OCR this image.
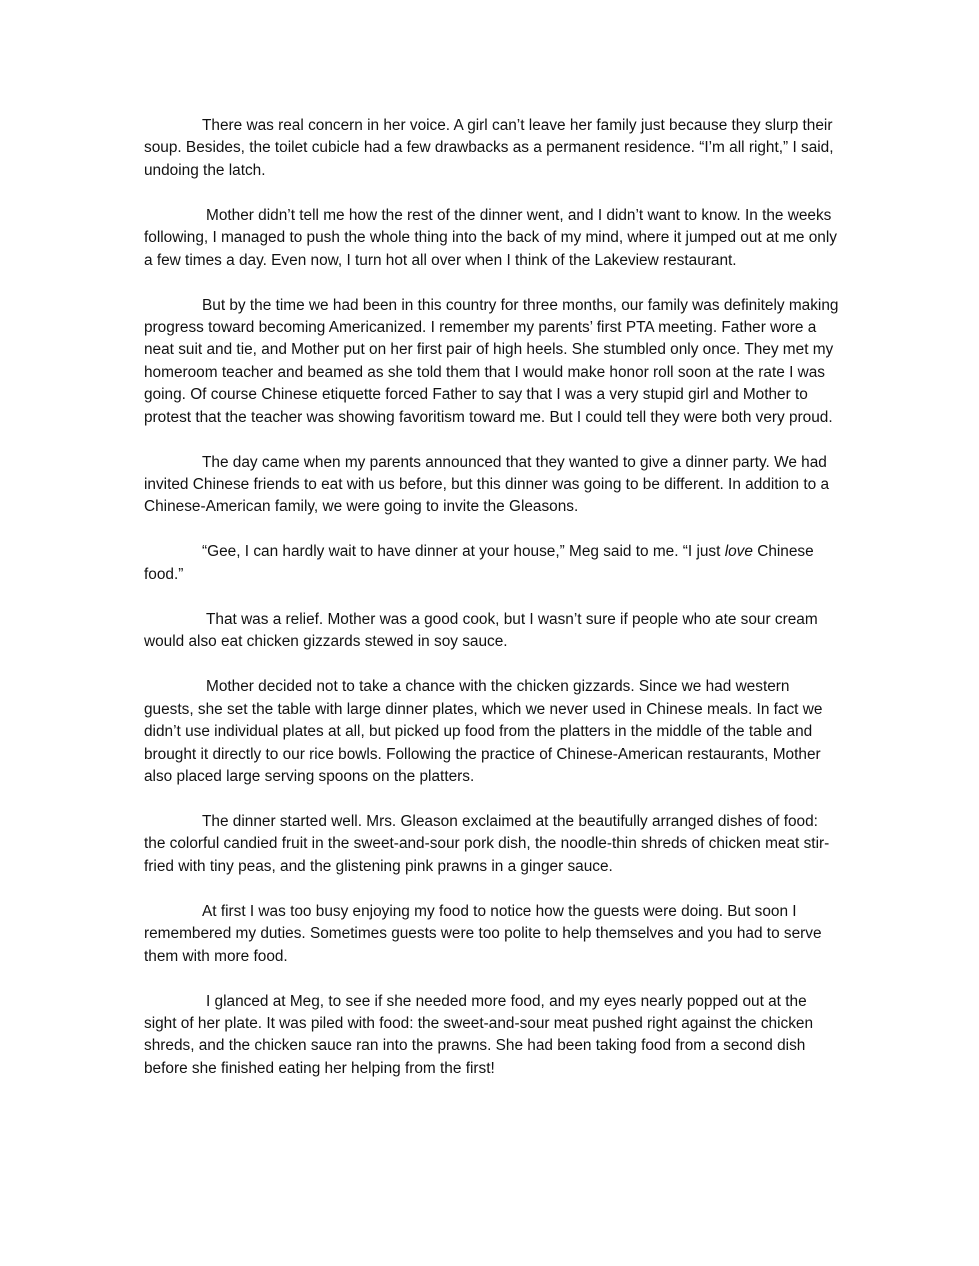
There was real concern in her voice. A girl can’t leave her family just because they slurp their soup. Besides, the toilet cubicle had a few drawbacks as a permanent residence. “I’m all right,” I said, undoing the latch.

Mother didn’t tell me how the rest of the dinner went, and I didn’t want to know. In the weeks following, I managed to push the whole thing into the back of my mind, where it jumped out at me only a few times a day. Even now, I turn hot all over when I think of the Lakeview restaurant.

But by the time we had been in this country for three months, our family was definitely making progress toward becoming Americanized. I remember my parents’ first PTA meeting. Father wore a neat suit and tie, and Mother put on her first pair of high heels. She stumbled only once. They met my homeroom teacher and beamed as she told them that I would make honor roll soon at the rate I was going. Of course Chinese etiquette forced Father to say that I was a very stupid girl and Mother to protest that the teacher was showing favoritism toward me. But I could tell they were both very proud.

The day came when my parents announced that they wanted to give a dinner party. We had invited Chinese friends to eat with us before, but this dinner was going to be different. In addition to a Chinese-American family, we were going to invite the Gleasons.

“Gee, I can hardly wait to have dinner at your house,” Meg said to me. “I just love Chinese food.”

That was a relief. Mother was a good cook, but I wasn’t sure if people who ate sour cream would also eat chicken gizzards stewed in soy sauce.

Mother decided not to take a chance with the chicken gizzards. Since we had western guests, she set the table with large dinner plates, which we never used in Chinese meals. In fact we didn’t use individual plates at all, but picked up food from the platters in the middle of the table and brought it directly to our rice bowls. Following the practice of Chinese-American restaurants, Mother also placed large serving spoons on the platters.

The dinner started well. Mrs. Gleason exclaimed at the beautifully arranged dishes of food: the colorful candied fruit in the sweet-and-sour pork dish, the noodle-thin shreds of chicken meat stir-fried with tiny peas, and the glistening pink prawns in a ginger sauce.

At first I was too busy enjoying my food to notice how the guests were doing. But soon I remembered my duties. Sometimes guests were too polite to help themselves and you had to serve them with more food.

I glanced at Meg, to see if she needed more food, and my eyes nearly popped out at the sight of her plate. It was piled with food: the sweet-and-sour meat pushed right against the chicken shreds, and the chicken sauce ran into the prawns. She had been taking food from a second dish before she finished eating her helping from the first!
